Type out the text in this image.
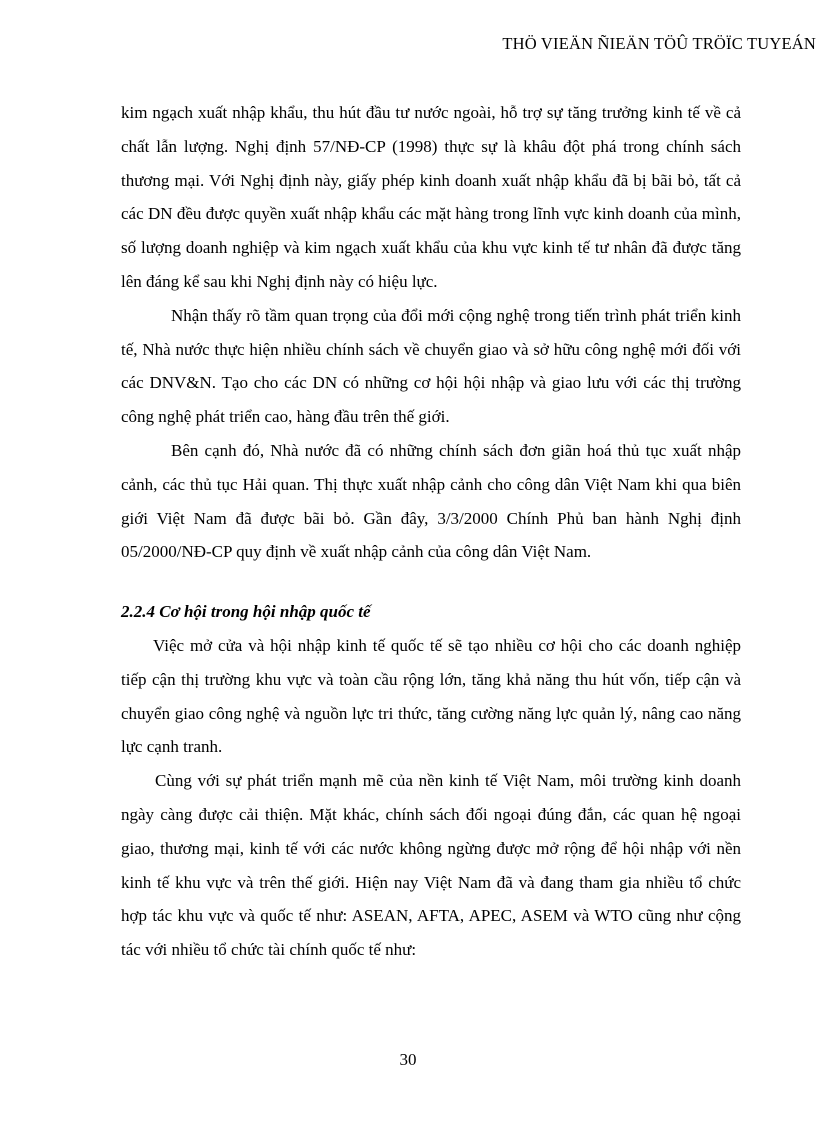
THÖ VIEÄN ÑIEÄN TÖÛ TRÖÏC TUYEÁN

kim ngạch xuất nhập khẩu, thu hút đầu tư nước ngoài, hỗ trợ sự tăng trưởng kinh tế về cả chất lẫn lượng. Nghị định 57/NĐ-CP (1998) thực sự là khâu đột phá trong chính sách thương mại. Với Nghị định này, giấy phép kinh doanh xuất nhập khẩu đã bị bãi bỏ, tất cả các DN đều được quyền xuất nhập khẩu các mặt hàng trong lĩnh vực kinh doanh của mình, số lượng doanh nghiệp và kim ngạch xuất khẩu của khu vực kinh tế tư nhân đã được tăng lên đáng kể sau khi Nghị định này có hiệu lực.

Nhận thấy rõ tầm quan trọng của đổi mới cộng nghệ trong tiến trình phát triển kinh tế, Nhà nước thực hiện nhiều chính sách về chuyển giao và sở hữu công nghệ mới đối với các DNV&N. Tạo cho các DN có những cơ hội hội nhập và giao lưu với các thị trường công nghệ phát triển cao, hàng đầu trên thế giới.

Bên cạnh đó, Nhà nước đã có những chính sách đơn giãn hoá thủ tục xuất nhập cảnh, các thủ tục Hải quan. Thị thực xuất nhập cảnh cho công dân Việt Nam khi qua biên giới Việt Nam đã được bãi bỏ. Gần đây, 3/3/2000 Chính Phủ ban hành Nghị định 05/2000/NĐ-CP quy định về xuất nhập cảnh của công dân Việt Nam.

2.2.4 Cơ hội trong hội nhập quốc tế

Việc mở cửa và hội nhập kinh tế quốc tế sẽ tạo nhiều cơ hội cho các doanh nghiệp tiếp cận thị trường khu vực và toàn cầu rộng lớn, tăng khả năng thu hút vốn, tiếp cận và chuyển giao công nghệ và nguồn lực tri thức, tăng cường năng lực quản lý, nâng cao năng lực cạnh tranh.

Cùng với sự phát triển mạnh mẽ của nền kinh tế Việt Nam, môi trường kinh doanh ngày càng được cải thiện. Mặt khác, chính sách đối ngoại đúng đắn, các quan hệ ngoại giao, thương mại, kinh tế với các nước không ngừng được mở rộng để hội nhập với nền kinh tế khu vực và trên thế giới. Hiện nay Việt Nam đã và đang tham gia nhiều tổ chức hợp tác khu vực và quốc tế như: ASEAN, AFTA, APEC, ASEM và WTO cũng như cộng tác với nhiều tổ chức tài chính quốc tế như:

30
